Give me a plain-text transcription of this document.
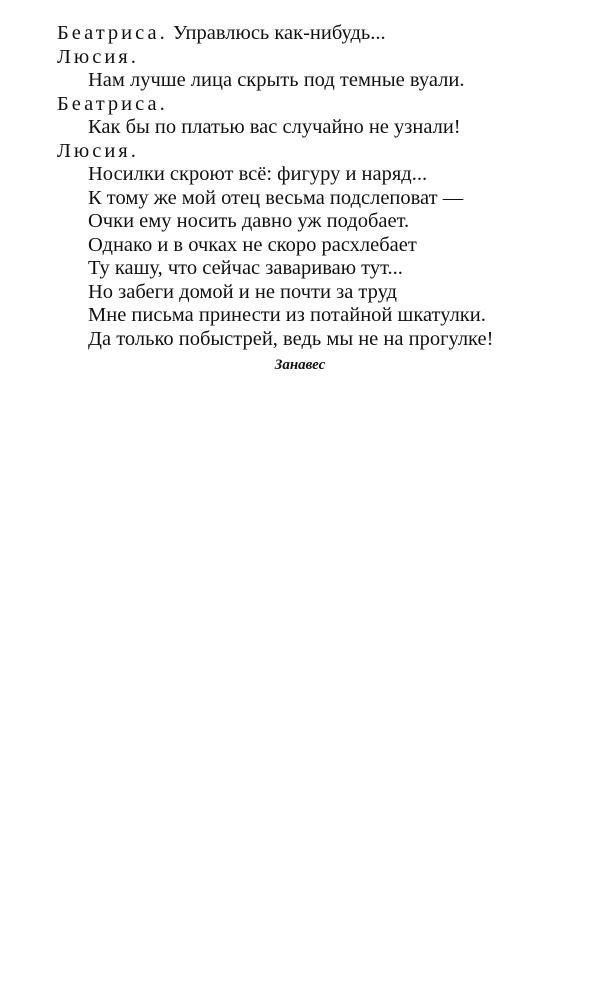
Беатриса. Управлюсь как-нибудь...
Люсия.
Нам лучше лица скрыть под темные вуали.
Беатриса.
Как бы по платью вас случайно не узнали!
Люсия.
Носилки скроют всё: фигуру и наряд...
К тому же мой отец весьма подслеповат —
Очки ему носить давно уж подобает.
Однако и в очках не скоро расхлебает
Ту кашу, что сейчас завариваю тут...
Но забеги домой и не почти за труд
Мне письма принести из потайной шкатулки.
Да только побыстрей, ведь мы не на прогулке!
Занавес
